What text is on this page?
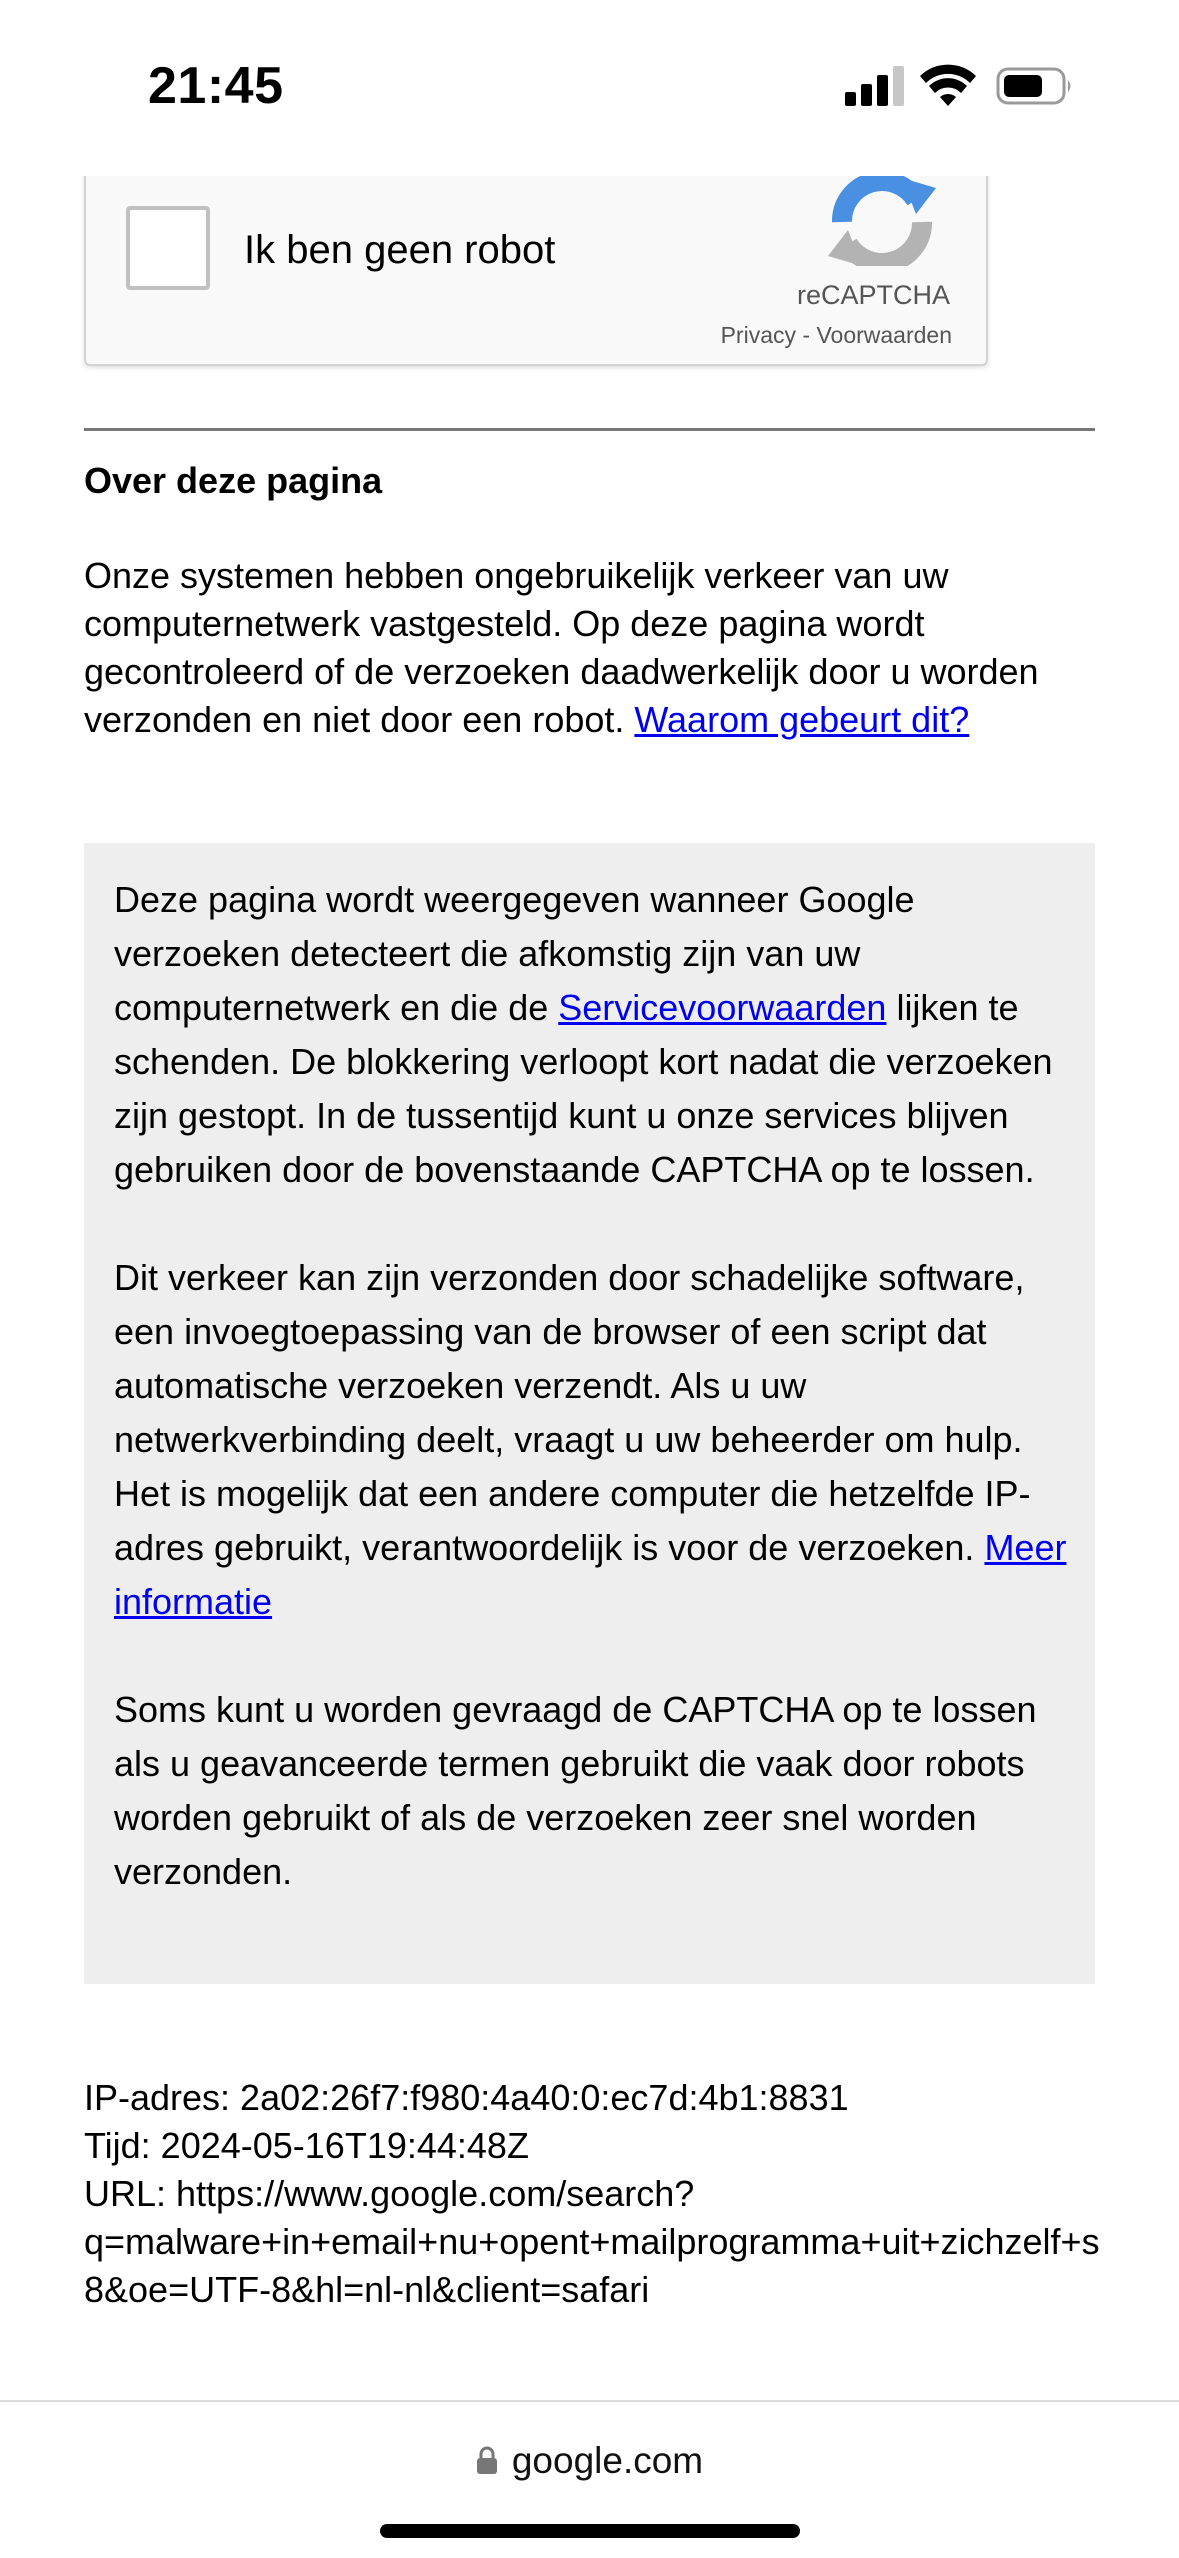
21:45
Ik ben geen robot
reCAPTCHA
Privacy - Voorwaarden
Over deze pagina
Onze systemen hebben ongebruikelijk verkeer van uw computernetwerk vastgesteld. Op deze pagina wordt gecontroleerd of de verzoeken daadwerkelijk door u worden verzonden en niet door een robot. Waarom gebeurt dit?

Deze pagina wordt weergegeven wanneer Google verzoeken detecteert die afkomstig zijn van uw computernetwerk en die de Servicevoorwaarden lijken te schenden. De blokkering verloopt kort nadat die verzoeken zijn gestopt. In de tussentijd kunt u onze services blijven gebruiken door de bovenstaande CAPTCHA op te lossen.

Dit verkeer kan zijn verzonden door schadelijke software, een invoegtoepassing van de browser of een script dat automatische verzoeken verzendt. Als u uw netwerkverbinding deelt, vraagt u uw beheerder om hulp. Het is mogelijk dat een andere computer die hetzelfde IP-adres gebruikt, verantwoordelijk is voor de verzoeken. Meer informatie

Soms kunt u worden gevraagd de CAPTCHA op te lossen als u geavanceerde termen gebruikt die vaak door robots worden gebruikt of als de verzoeken zeer snel worden verzonden.

IP-adres: 2a02:26f7:f980:4a40:0:ec7d:4b1:8831
Tijd: 2024-05-16T19:44:48Z
URL: https://www.google.com/search?
q=malware+in+email+nu+opent+mailprogramma+uit+zichzelf+s
8&oe=UTF-8&hl=nl-nl&client=safari
google.com
